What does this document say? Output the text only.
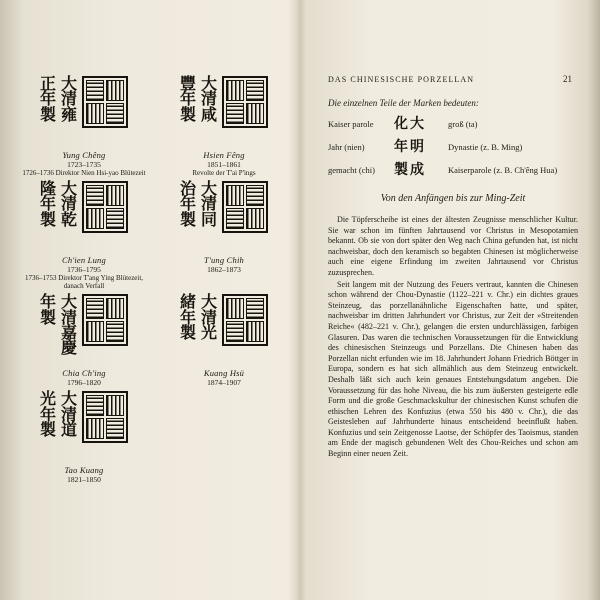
正
年
製
大
清
雍
Yung Chêng
1723–1735
1726–1736 Direktor Nien Hsi-yao Blütezeit
豐
年
製
大
清
咸
Hsien Fêng
1851–1861
Revolte der T'ai P'ings
隆
年
製
大
清
乾
Ch'ien Lung
1736–1795
1736–1753 Direktor T'ang Ying Blütezeit, danach Verfall
治
年
製
大
清
同
T'ung Chih
1862–1873
年
製
大
清
嘉
慶
Chia Ch'ing
1796–1820
緒
年
製
大
清
光
Kuang Hsü
1874–1907
光
年
製
大
清
道
Tao Kuang
1821–1850
DAS CHINESISCHE PORZELLAN	21
Die einzelnen Teile der Marken bedeuten:
Kaiser parole	化 大	groß (ta)
Jahr (nien)	年 明	Dynastie (z. B. Ming)
gemacht (chi)	製 成	Kaiserparole (z. B. Ch'êng Hua)
Von den Anfängen bis zur Ming-Zeit

Die Töpferscheibe ist eines der ältesten Zeugnisse menschlicher Kultur. Sie war schon im fünften Jahrtausend vor Christus in Mesopotamien bekannt. Ob sie von dort später den Weg nach China gefunden hat, ist nicht nachweisbar, doch den keramisch so begabten Chinesen ist möglicherweise auch eine eigene Erfindung im zweiten Jahrtausend vor Christus zuzusprechen.

Seit langem mit der Nutzung des Feuers vertraut, kannten die Chinesen schon während der Chou-Dynastie (1122–221 v. Chr.) ein dichtes graues Steinzeug, das porzellanähnliche Eigenschaften hatte, und später, nachweisbar im dritten Jahrhundert vor Christus, zur Zeit der »Streitenden Reiche« (482–221 v. Chr.), gelangen die ersten undurchlässigen, farbigen Glasuren. Das waren die technischen Voraussetzungen für die Entwicklung des chinesischen Steinzeugs und Porzellans. Die Chinesen haben das Porzellan nicht erfunden wie im 18. Jahrhundert Johann Friedrich Böttger in Europa, sondern es hat sich allmählich aus dem Steinzeug entwickelt. Deshalb läßt sich auch kein genaues Entstehungsdatum angeben. Die Voraussetzung für das hohe Niveau, die bis zum äußersten gesteigerte edle Form und die große Geschmackskultur der chinesischen Kunst schufen die ethischen Lehren des Konfuzius (etwa 550 bis 480 v. Chr.), die das Geistesleben auf Jahrhunderte hinaus entscheidend beeinflußt haben. Konfuzius und sein Zeitgenosse Laotse, der Schöpfer des Taoismus, standen am Ende der magisch gebundenen Welt des Chou-Reiches und schon am Beginn einer neuen Zeit.
